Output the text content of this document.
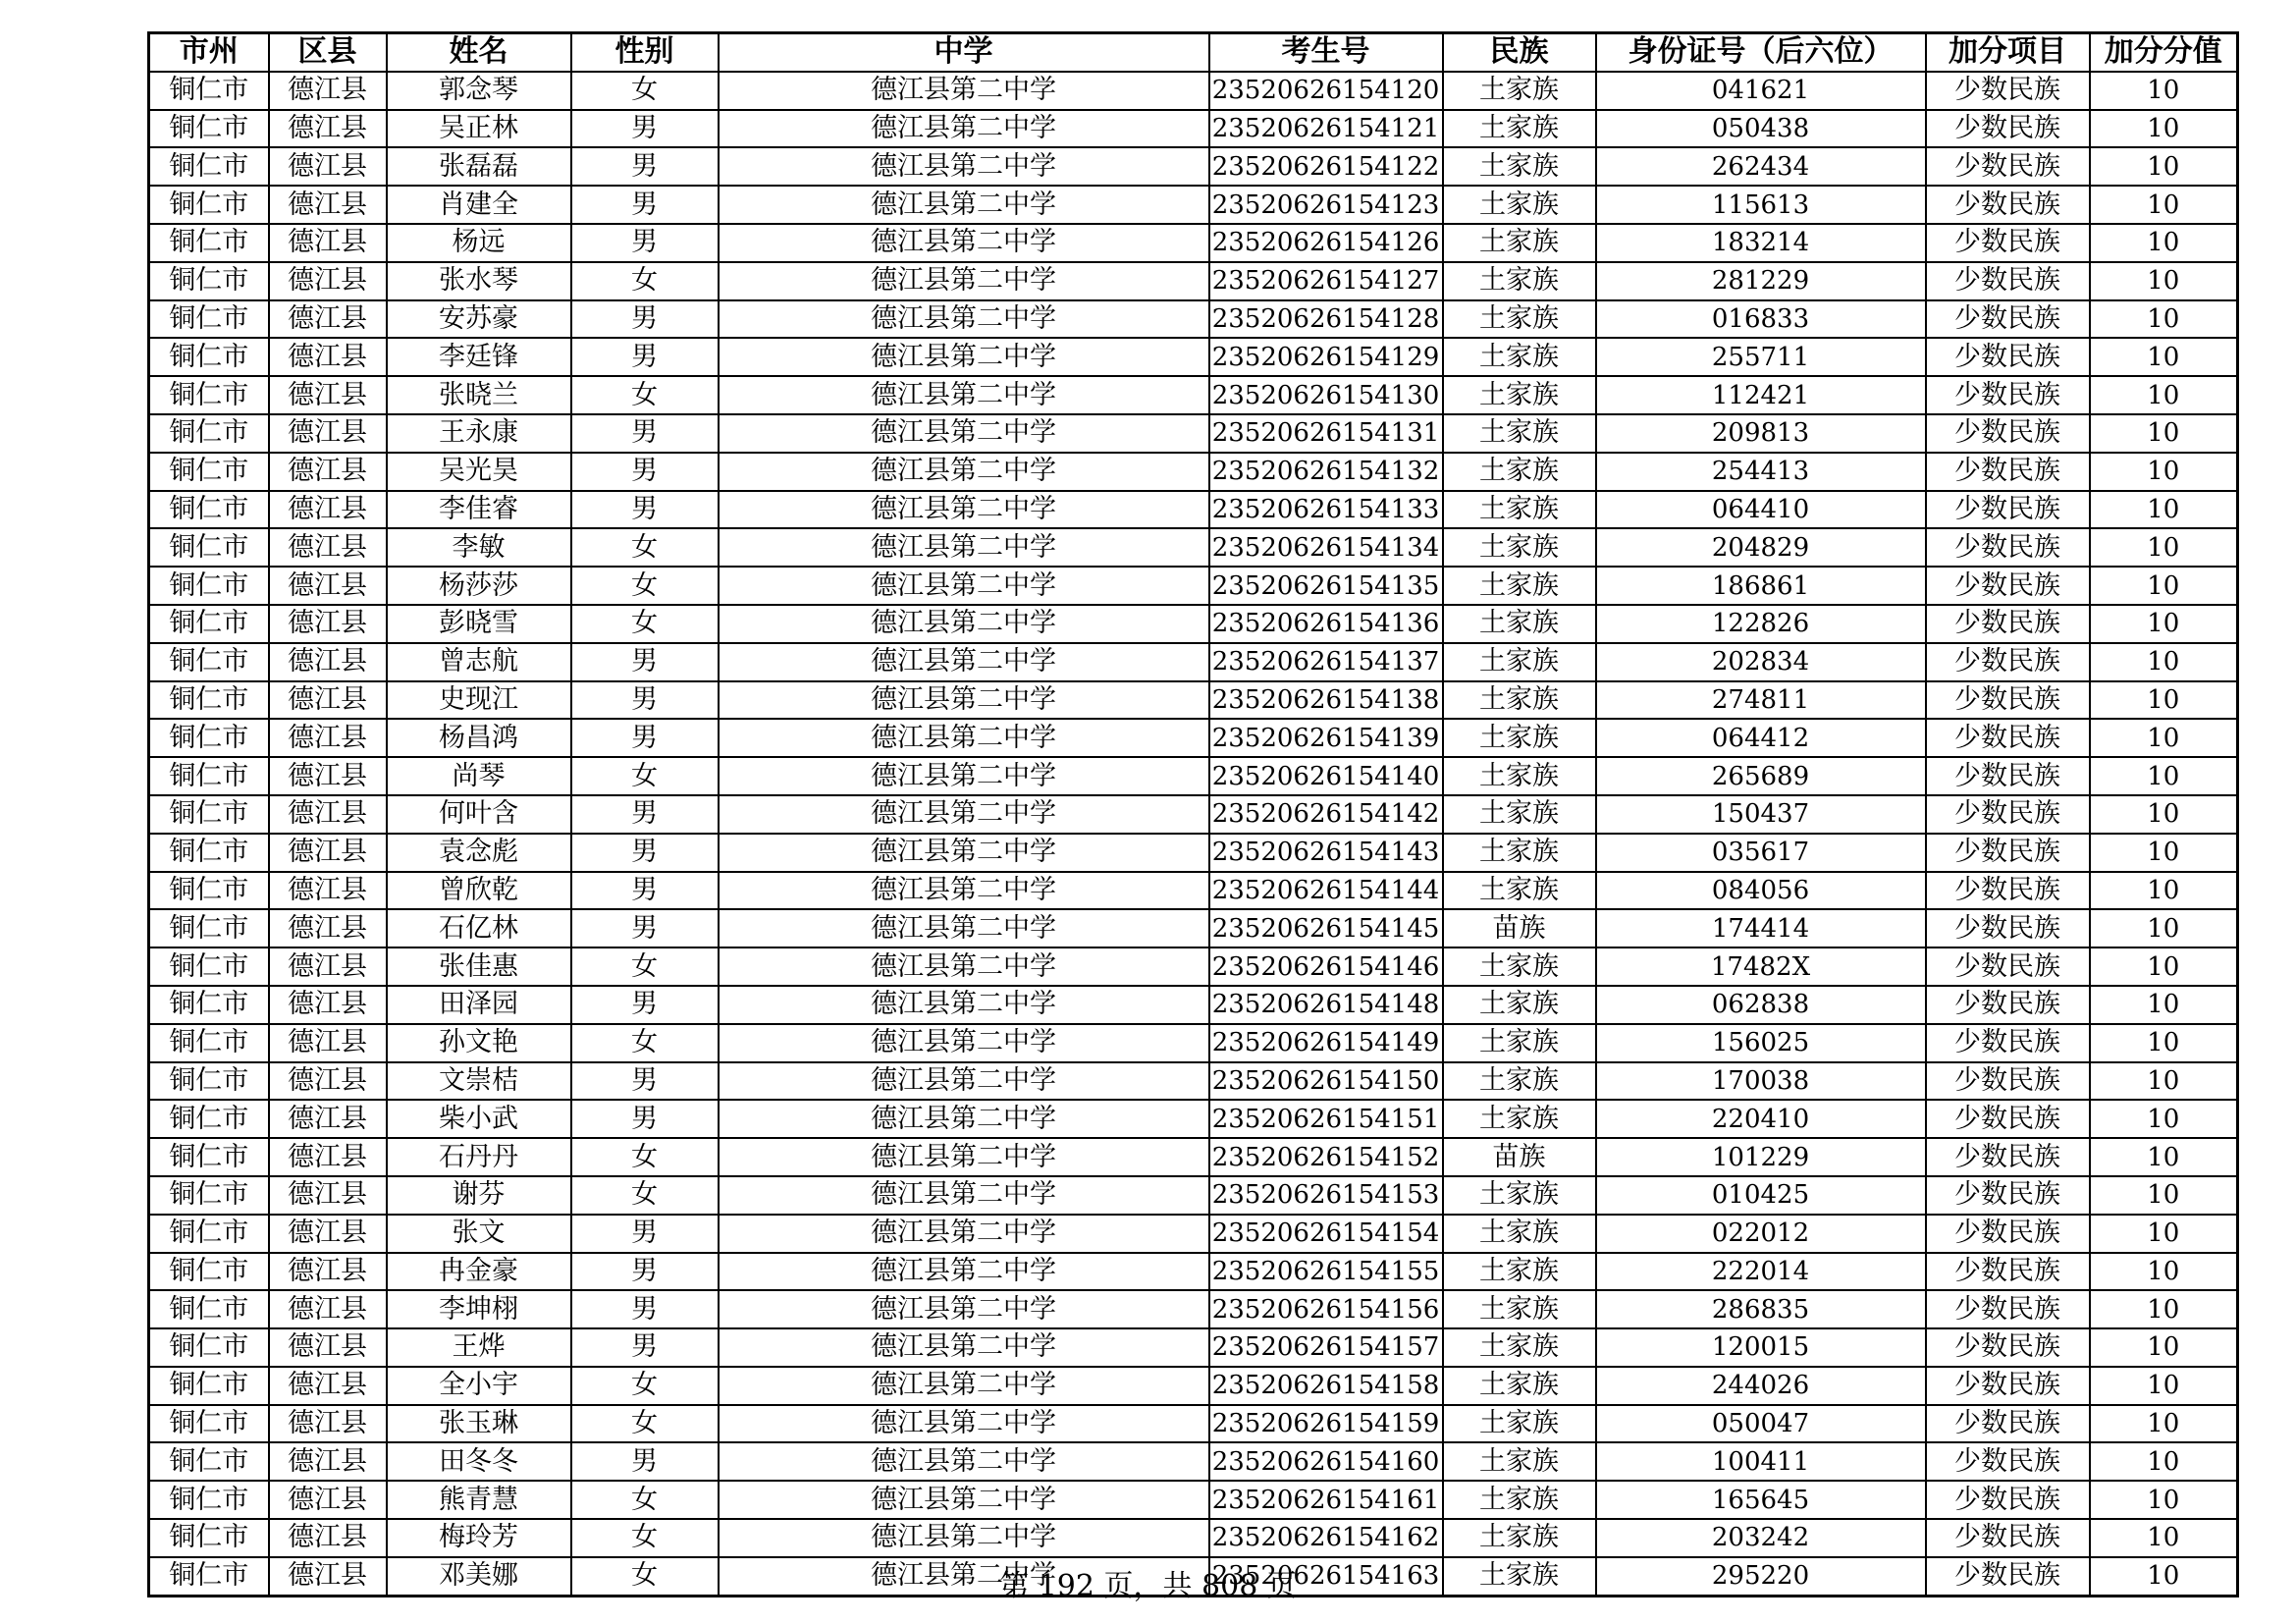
市州	区县	姓名	性别	中学	考生号	民族	身份证号（后六位）	加分项目	加分分值
铜仁市	德江县	郭念琴	女	德江县第二中学	23520626154120	土家族	041621	少数民族	10
铜仁市	德江县	吴正林	男	德江县第二中学	23520626154121	土家族	050438	少数民族	10
铜仁市	德江县	张磊磊	男	德江县第二中学	23520626154122	土家族	262434	少数民族	10
铜仁市	德江县	肖建全	男	德江县第二中学	23520626154123	土家族	115613	少数民族	10
铜仁市	德江县	杨远	男	德江县第二中学	23520626154126	土家族	183214	少数民族	10
铜仁市	德江县	张水琴	女	德江县第二中学	23520626154127	土家族	281229	少数民族	10
铜仁市	德江县	安苏豪	男	德江县第二中学	23520626154128	土家族	016833	少数民族	10
铜仁市	德江县	李廷锋	男	德江县第二中学	23520626154129	土家族	255711	少数民族	10
铜仁市	德江县	张晓兰	女	德江县第二中学	23520626154130	土家族	112421	少数民族	10
铜仁市	德江县	王永康	男	德江县第二中学	23520626154131	土家族	209813	少数民族	10
铜仁市	德江县	吴光昊	男	德江县第二中学	23520626154132	土家族	254413	少数民族	10
铜仁市	德江县	李佳睿	男	德江县第二中学	23520626154133	土家族	064410	少数民族	10
铜仁市	德江县	李敏	女	德江县第二中学	23520626154134	土家族	204829	少数民族	10
铜仁市	德江县	杨莎莎	女	德江县第二中学	23520626154135	土家族	186861	少数民族	10
铜仁市	德江县	彭晓雪	女	德江县第二中学	23520626154136	土家族	122826	少数民族	10
铜仁市	德江县	曾志航	男	德江县第二中学	23520626154137	土家族	202834	少数民族	10
铜仁市	德江县	史现江	男	德江县第二中学	23520626154138	土家族	274811	少数民族	10
铜仁市	德江县	杨昌鸿	男	德江县第二中学	23520626154139	土家族	064412	少数民族	10
铜仁市	德江县	尚琴	女	德江县第二中学	23520626154140	土家族	265689	少数民族	10
铜仁市	德江县	何叶含	男	德江县第二中学	23520626154142	土家族	150437	少数民族	10
铜仁市	德江县	袁念彪	男	德江县第二中学	23520626154143	土家族	035617	少数民族	10
铜仁市	德江县	曾欣乾	男	德江县第二中学	23520626154144	土家族	084056	少数民族	10
铜仁市	德江县	石亿林	男	德江县第二中学	23520626154145	苗族	174414	少数民族	10
铜仁市	德江县	张佳惠	女	德江县第二中学	23520626154146	土家族	17482X	少数民族	10
铜仁市	德江县	田泽园	男	德江县第二中学	23520626154148	土家族	062838	少数民族	10
铜仁市	德江县	孙文艳	女	德江县第二中学	23520626154149	土家族	156025	少数民族	10
铜仁市	德江县	文崇桔	男	德江县第二中学	23520626154150	土家族	170038	少数民族	10
铜仁市	德江县	柴小武	男	德江县第二中学	23520626154151	土家族	220410	少数民族	10
铜仁市	德江县	石丹丹	女	德江县第二中学	23520626154152	苗族	101229	少数民族	10
铜仁市	德江县	谢芬	女	德江县第二中学	23520626154153	土家族	010425	少数民族	10
铜仁市	德江县	张文	男	德江县第二中学	23520626154154	土家族	022012	少数民族	10
铜仁市	德江县	冉金豪	男	德江县第二中学	23520626154155	土家族	222014	少数民族	10
铜仁市	德江县	李坤栩	男	德江县第二中学	23520626154156	土家族	286835	少数民族	10
铜仁市	德江县	王烨	男	德江县第二中学	23520626154157	土家族	120015	少数民族	10
铜仁市	德江县	全小宇	女	德江县第二中学	23520626154158	土家族	244026	少数民族	10
铜仁市	德江县	张玉琳	女	德江县第二中学	23520626154159	土家族	050047	少数民族	10
铜仁市	德江县	田冬冬	男	德江县第二中学	23520626154160	土家族	100411	少数民族	10
铜仁市	德江县	熊青慧	女	德江县第二中学	23520626154161	土家族	165645	少数民族	10
铜仁市	德江县	梅玲芳	女	德江县第二中学	23520626154162	土家族	203242	少数民族	10
铜仁市	德江县	邓美娜	女	德江县第二中学	23520626154163	土家族	295220	少数民族	10
第 192 页，共 808 页
